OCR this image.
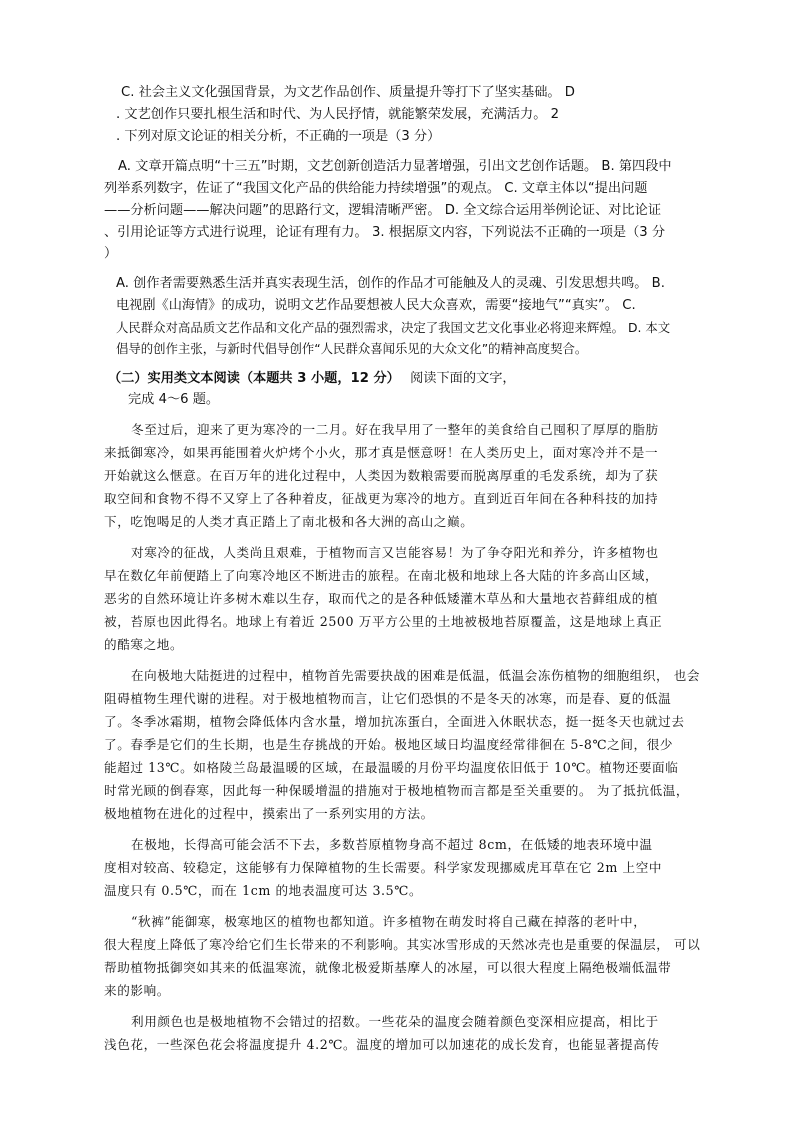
C. 社会主义文化强国背景，为文艺作品创作、质量提升等打下了坚实基础。 D
. 文艺创作只要扎根生活和时代、为人民抒情，就能繁荣发展，充满活力。 2
. 下列对原文论证的相关分析，不正确的一项是（3 分）
A. 文章开篇点明“十三五”时期，文艺创新创造活力显著增强，引出文艺创作话题。 B. 第四段中
列举系列数字，佐证了“我国文化产品的供给能力持续增强”的观点。 C. 文章主体以“提出问题
——分析问题——解决问题”的思路行文，逻辑清晰严密。 D. 全文综合运用举例论证、对比论证
、引用论证等方式进行说理，论证有理有力。 3. 根据原文内容，下列说法不正确的一项是（3 分
）
A. 创作者需要熟悉生活并真实表现生活，创作的作品才可能触及人的灵魂、引发思想共鸣。 B.
电视剧《山海情》的成功，说明文艺作品要想被人民大众喜欢，需要“接地气”“真实”。 C.
人民群众对高品质文艺作品和文化产品的强烈需求，决定了我国文艺文化事业必将迎来辉煌。 D. 本文
倡导的创作主张，与新时代倡导创作“人民群众喜闻乐见的大众文化”的精神高度契合。
（二）实用类文本阅读（本题共 3 小题，12 分） 阅读下面的文字，
完成 4～6 题。
冬至过后，迎来了更为寒冷的一二月。好在我早用了一整年的美食给自己囤积了厚厚的脂肪
来抵御寒冷，如果再能围着火炉烤个小火，那才真是惬意呀！在人类历史上，面对寒冷并不是一
开始就这么惬意。在百万年的进化过程中，人类因为数粮需要而脱离厚重的毛发系统，却为了获
取空间和食物不得不又穿上了各种着皮，征战更为寒冷的地方。直到近百年间在各种科技的加持
下，吃饱喝足的人类才真正踏上了南北极和各大洲的高山之巅。
对寒冷的征战，人类尚且艰难，于植物而言又岂能容易！为了争夺阳光和养分，许多植物也
早在数亿年前便踏上了向寒冷地区不断进击的旅程。在南北极和地球上各大陆的许多高山区域，
恶劣的自然环境让许多树木难以生存，取而代之的是各种低矮灌木草丛和大量地衣苔藓组成的植
被，苔原也因此得名。地球上有着近 2500 万平方公里的土地被极地苔原覆盖，这是地球上真正
的酷寒之地。
在向极地大陆挺进的过程中，植物首先需要抉战的困难是低温，低温会冻伤植物的细胞组织， 也会
阻碍植物生理代谢的进程。对于极地植物而言，让它们恐惧的不是冬天的冰寒，而是春、夏的低温
了。冬季冰霜期，植物会降低体内含水量，增加抗冻蛋白，全面进入休眠状态，挺一挺冬天也就过去
了。春季是它们的生长期，也是生存挑战的开始。极地区域日均温度经常徘徊在 5-8℃之间，很少
能超过 13℃。如格陵兰岛最温暖的区域，在最温暖的月份平均温度依旧低于 10℃。植物还要面临
时常光顾的倒春寒，因此每一种保暖增温的措施对于极地植物而言都是至关重要的。 为了抵抗低温，
极地植物在进化的过程中，摸索出了一系列实用的方法。
在极地，长得高可能会活不下去，多数苔原植物身高不超过 8cm，在低矮的地表环境中温
度相对较高、较稳定，这能够有力保障植物的生长需要。科学家发现挪威虎耳草在它 2m 上空中
温度只有 0.5℃，而在 1cm 的地表温度可达 3.5℃。
“秋裤”能御寒，极寒地区的植物也都知道。许多植物在萌发时将自己藏在掉落的老叶中，
很大程度上降低了寒冷给它们生长带来的不利影响。其实冰雪形成的天然冰壳也是重要的保温层， 可以
帮助植物抵御突如其来的低温寒流，就像北极爱斯基摩人的冰屋，可以很大程度上隔绝极端低温带
来的影响。
利用颜色也是极地植物不会错过的招数。一些花朵的温度会随着颜色变深相应提高，相比于
浅色花，一些深色花会将温度提升 4.2℃。温度的增加可以加速花的成长发育，也能显著提高传
